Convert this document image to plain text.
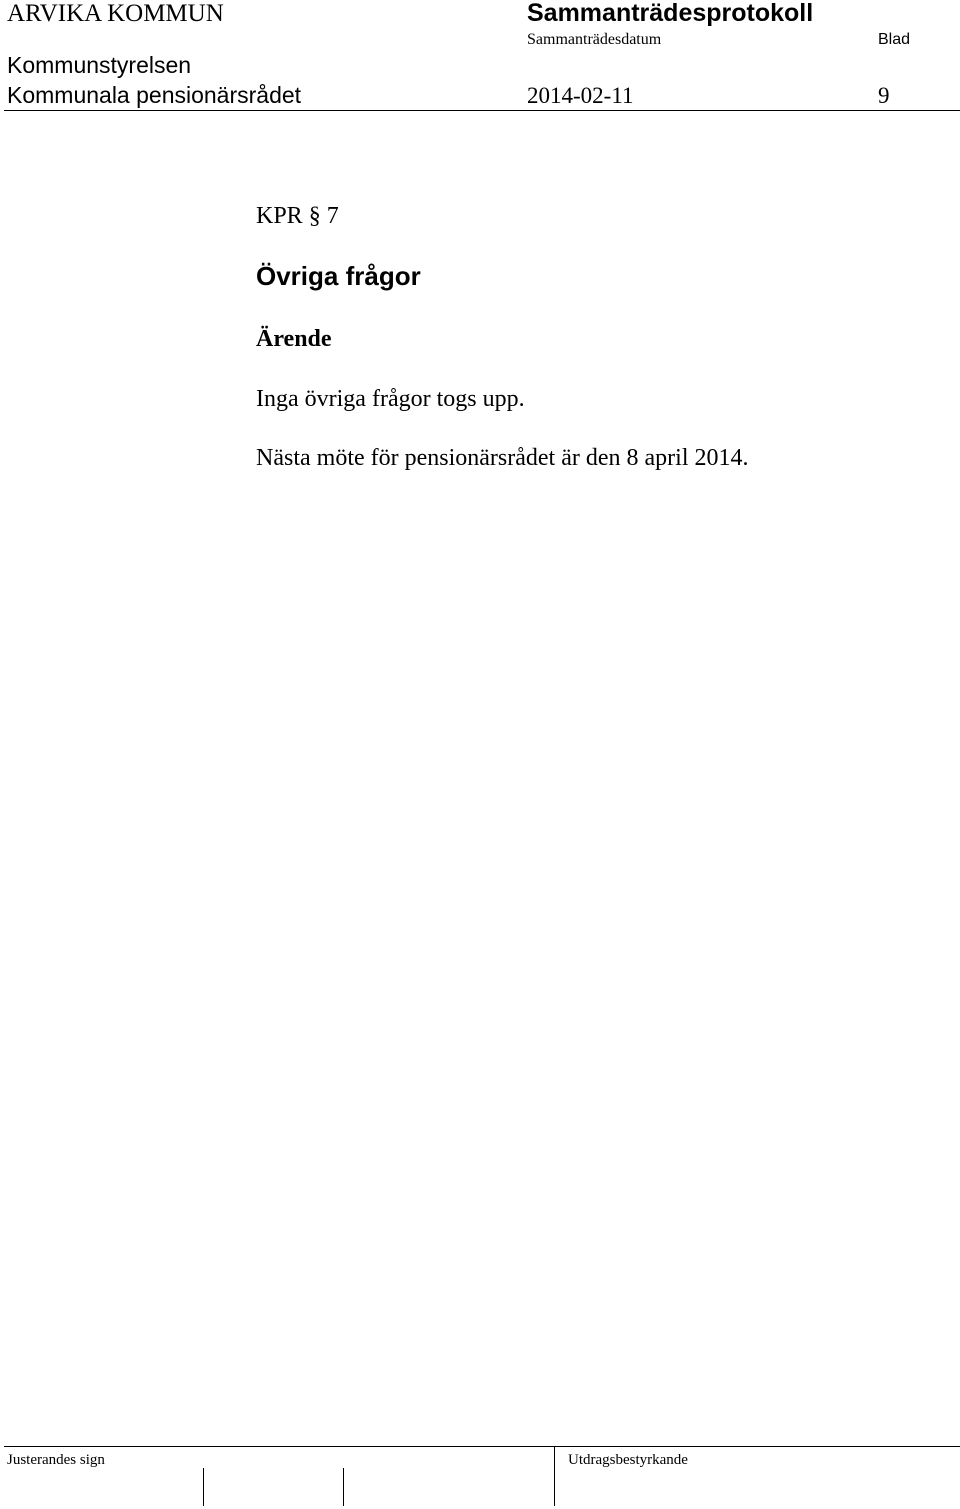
ARVIKA KOMMUN	Sammanträdesprotokoll
Sammanträdesdatum	Blad
Kommunstyrelsen
Kommunala pensionärsrådet	2014-02-11	9
KPR § 7
Övriga frågor
Ärende
Inga övriga frågor togs upp.
Nästa möte för pensionärsrådet är den 8 april 2014.
Justerandes sign	Utdragsbestyrkande
